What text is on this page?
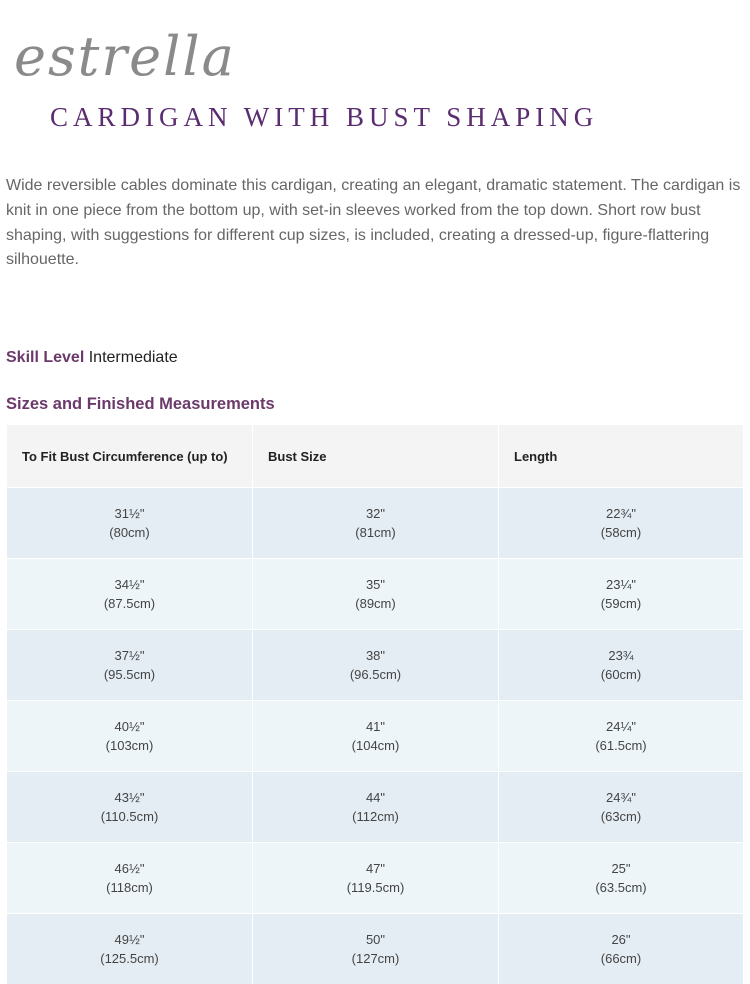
estrella
CARDIGAN WITH BUST SHAPING

Wide reversible cables dominate this cardigan, creating an elegant, dramatic statement. The cardigan is knit in one piece from the bottom up, with set-in sleeves worked from the top down. Short row bust shaping, with suggestions for different cup sizes, is included, creating a dressed-up, figure-flattering silhouette.

Skill Level Intermediate

Sizes and Finished Measurements
To Fit Bust Circumference (up to)	Bust Size	Length

31½"
(80cm)	32"
(81cm)	22¾"
(58cm)

34½"
(87.5cm)	35"
(89cm)	23¼"
(59cm)

37½"
(95.5cm)	38"
(96.5cm)	23¾
(60cm)

40½"
(103cm)	41"
(104cm)	24¼"
(61.5cm)

43½"
(110.5cm)	44"
(112cm)	24¾"
(63cm)

46½"
(118cm)	47"
(119.5cm)	25"
(63.5cm)

49½"
(125.5cm)	50"
(127cm)	26"
(66cm)
